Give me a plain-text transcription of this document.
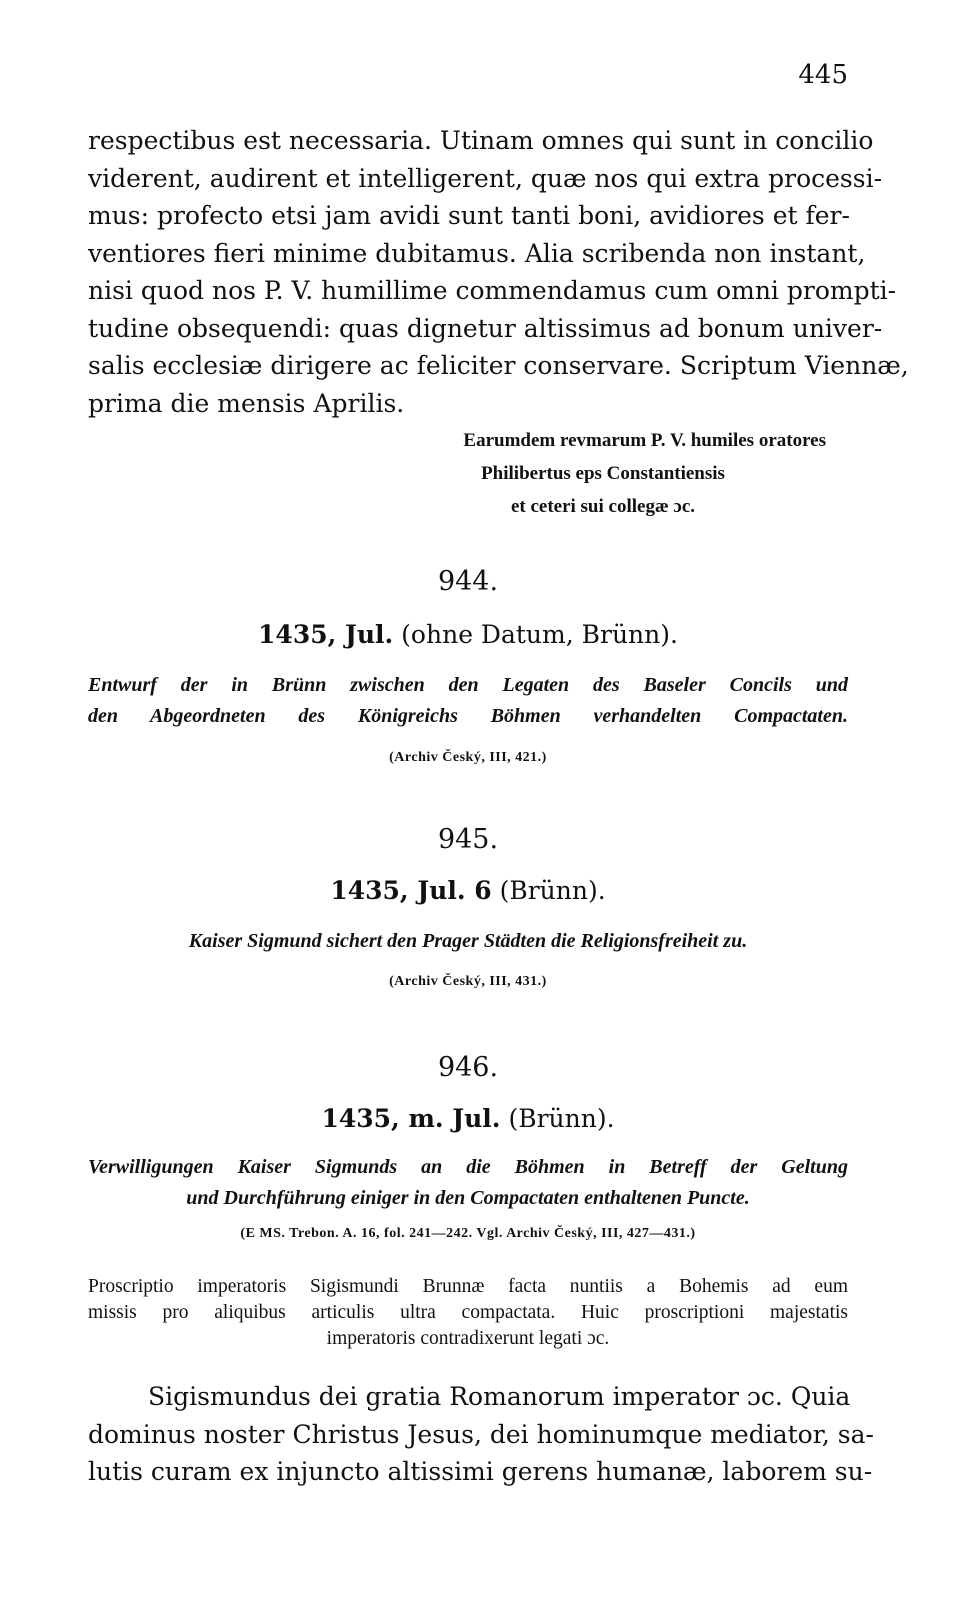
445

respectibus est necessaria. Utinam omnes qui sunt in concilio
viderent, audirent et intelligerent, quæ nos qui extra processi-
mus: profecto etsi jam avidi sunt tanti boni, avidiores et fer-
ventiores fieri minime dubitamus. Alia scribenda non instant,
nisi quod nos P. V. humillime commendamus cum omni prompti-
tudine obsequendi: quas dignetur altissimus ad bonum univer-
salis ecclesiæ dirigere ac feliciter conservare. Scriptum Viennæ,
prima die mensis Aprilis.

Earumdem revmarum P. V. humiles oratores
Philibertus eps Constantiensis
et ceteri sui collegæ ɔc.
944.
1435, Jul. (ohne Datum, Brünn).
Entwurf der in Brünn zwischen den Legaten des Baseler Concils und
den Abgeordneten des Königreichs Böhmen verhandelten Compactaten.
(Archiv Český, III, 421.)
945.
1435, Jul. 6 (Brünn).
Kaiser Sigmund sichert den Prager Städten die Religionsfreiheit zu.
(Archiv Český, III, 431.)
946.
1435, m. Jul. (Brünn).
Verwilligungen Kaiser Sigmunds an die Böhmen in Betreff der Geltung
und Durchführung einiger in den Compactaten enthaltenen Puncte.
(E MS. Trebon. A. 16, fol. 241—242. Vgl. Archiv Český, III, 427—431.)
Proscriptio imperatoris Sigismundi Brunnæ facta nuntiis a Bohemis ad eum
missis pro aliquibus articulis ultra compactata. Huic proscriptioni majestatis
imperatoris contradixerunt legati ɔc.

Sigismundus dei gratia Romanorum imperator ɔc. Quia
dominus noster Christus Jesus, dei hominumque mediator, sa-
lutis curam ex injuncto altissimi gerens humanæ, laborem su-
